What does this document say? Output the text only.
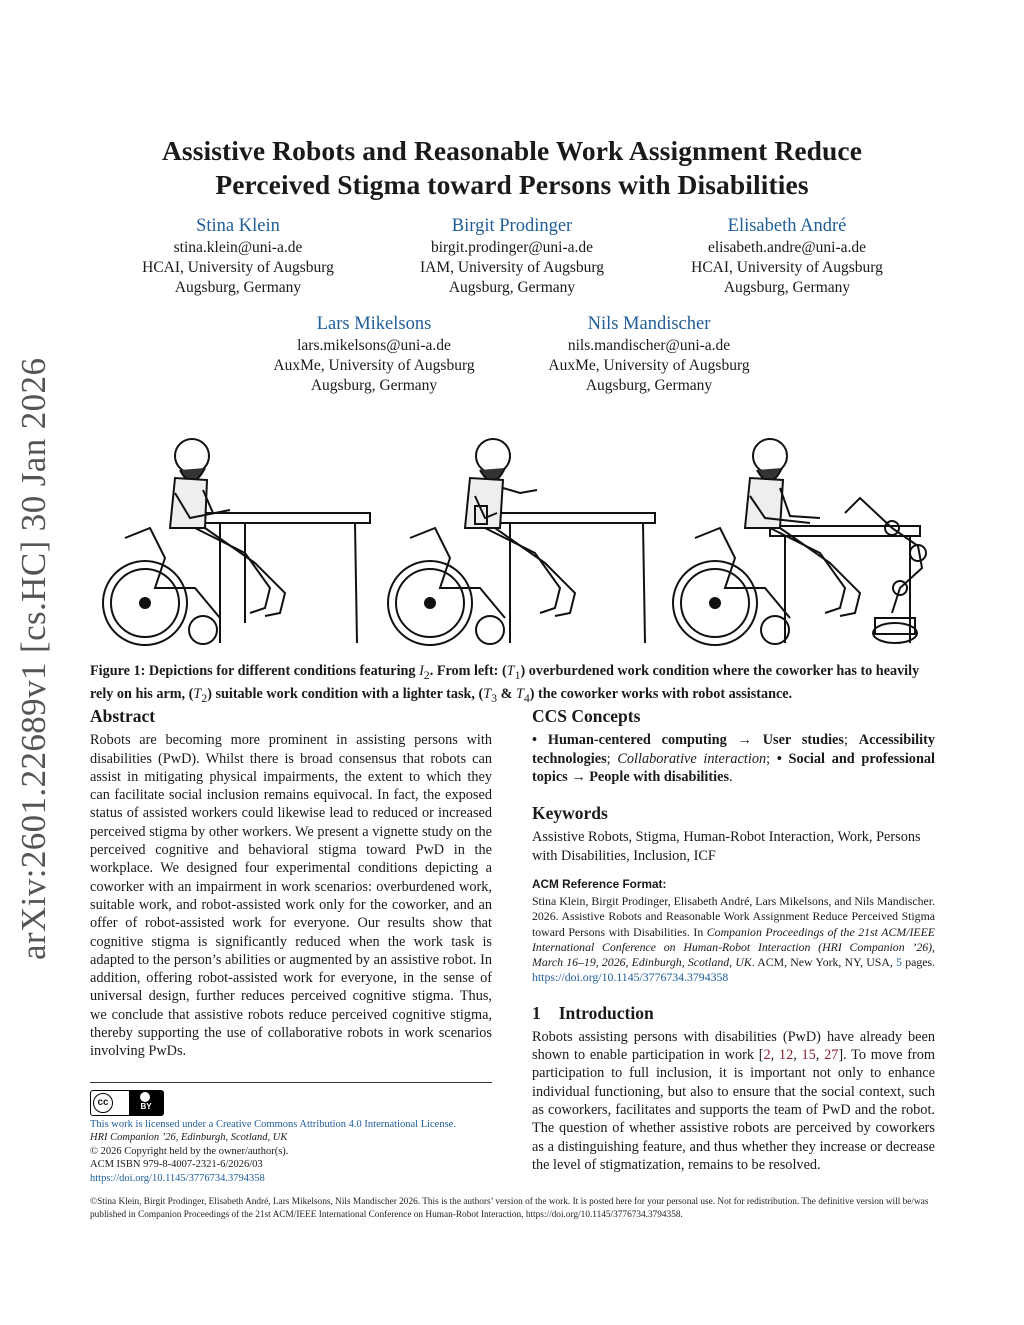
arXiv:2601.22689v1 [cs.HC] 30 Jan 2026
Assistive Robots and Reasonable Work Assignment Reduce
Perceived Stigma toward Persons with Disabilities
Stina Klein
stina.klein@uni-a.de
HCAI, University of Augsburg
Augsburg, Germany
Birgit Prodinger
birgit.prodinger@uni-a.de
IAM, University of Augsburg
Augsburg, Germany
Elisabeth André
elisabeth.andre@uni-a.de
HCAI, University of Augsburg
Augsburg, Germany
Lars Mikelsons
lars.mikelsons@uni-a.de
AuxMe, University of Augsburg
Augsburg, Germany
Nils Mandischer
nils.mandischer@uni-a.de
AuxMe, University of Augsburg
Augsburg, Germany
Figure 1: Depictions for different conditions featuring $I_2$. From left: $(T_1)$ overburdened work condition where the coworker has to heavily rely on his arm, $(T_2)$ suitable work condition with a lighter task, ($T_3$ & $T_4$) the coworker works with robot assistance.
Abstract
Robots are becoming more prominent in assisting persons with disabilities (PwD). Whilst there is broad consensus that robots can assist in mitigating physical impairments, the extent to which they can facilitate social inclusion remains equivocal. In fact, the exposed status of assisted workers could likewise lead to reduced or increased perceived stigma by other workers. We present a vignette study on the perceived cognitive and behavioral stigma toward PwD in the workplace. We designed four experimental conditions depicting a coworker with an impairment in work scenarios: overburdened work, suitable work, and robot-assisted work only for the coworker, and an offer of robot-assisted work for everyone. Our results show that cognitive stigma is significantly reduced when the work task is adapted to the person’s abilities or augmented by an assistive robot. In addition, offering robot-assisted work for everyone, in the sense of universal design, further reduces perceived cognitive stigma. Thus, we conclude that assistive robots reduce perceived cognitive stigma, thereby supporting the use of collaborative robots in work scenarios involving PwDs.
cc	BY
This work is licensed under a Creative Commons Attribution 4.0 International License.
HRI Companion ’26, Edinburgh, Scotland, UK
© 2026 Copyright held by the owner/author(s).
ACM ISBN 979-8-4007-2321-6/2026/03
https://doi.org/10.1145/3776734.3794358
CCS Concepts
• Human-centered computing → User studies; Accessibility technologies; Collaborative interaction; • Social and professional topics → People with disabilities.
Keywords
Assistive Robots, Stigma, Human-Robot Interaction, Work, Persons with Disabilities, Inclusion, ICF
ACM Reference Format:
Stina Klein, Birgit Prodinger, Elisabeth André, Lars Mikelsons, and Nils Mandischer. 2026. Assistive Robots and Reasonable Work Assignment Reduce Perceived Stigma toward Persons with Disabilities. In Companion Proceedings of the 21st ACM/IEEE International Conference on Human-Robot Interaction (HRI Companion ’26), March 16–19, 2026, Edinburgh, Scotland, UK. ACM, New York, NY, USA, 5 pages. https://doi.org/10.1145/3776734.3794358
1 Introduction
Robots assisting persons with disabilities (PwD) have already been shown to enable participation in work [2, 12, 15, 27]. To move from participation to full inclusion, it is important not only to enhance individual functioning, but also to ensure that the social context, such as coworkers, facilitates and supports the team of PwD and the robot. The question of whether assistive robots are perceived by coworkers as a distinguishing feature, and thus whether they increase or decrease the level of stigmatization, remains to be resolved.
©Stina Klein, Birgit Prodinger, Elisabeth André, Lars Mikelsons, Nils Mandischer 2026. This is the authors’ version of the work. It is posted here for your personal use. Not for redistribution. The definitive version will be/was published in Companion Proceedings of the 21st ACM/IEEE International Conference on Human-Robot Interaction, https://doi.org/10.1145/3776734.3794358.
